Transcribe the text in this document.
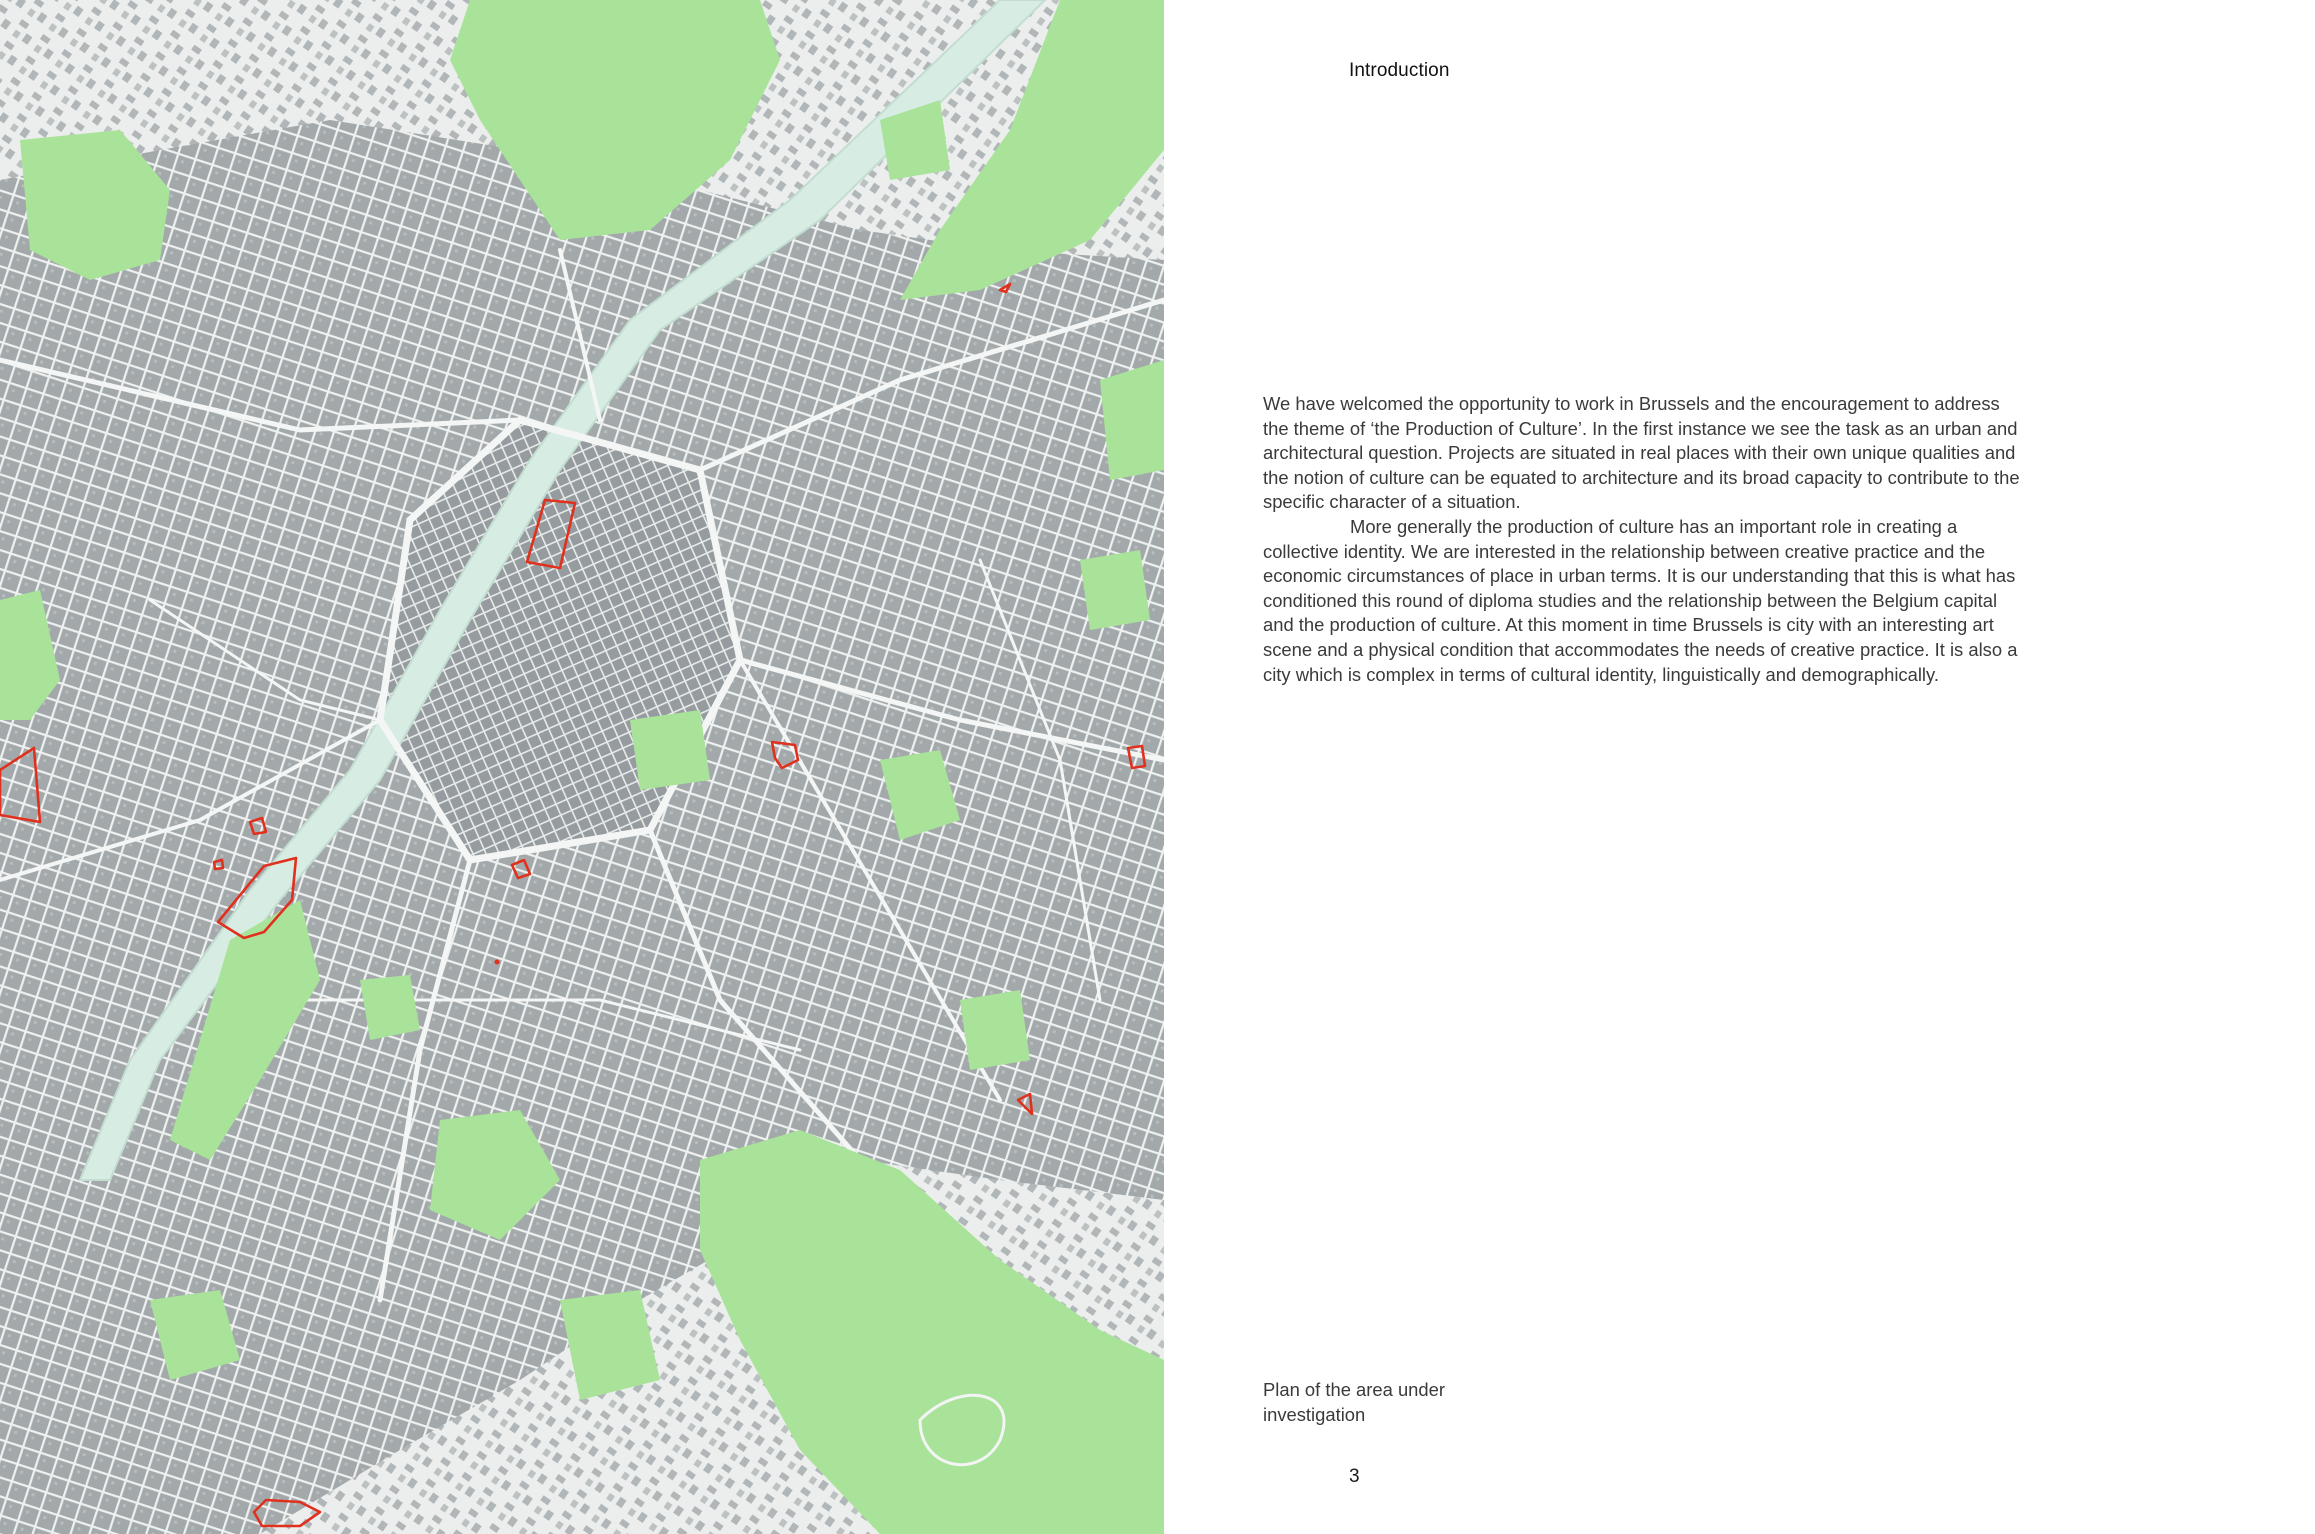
Introduction

We have welcomed the opportunity to work in Brussels and the encouragement to address the theme of ‘the Production of Culture’. In the first instance we see the task as an urban and architectural question. Projects are situated in real places with their own unique qualities and the notion of culture can be equated to architecture and its broad capacity to contribute to the specific character of a situation.

More generally the production of culture has an important role in creating a collective identity. We are interested in the relationship between creative practice and the economic circumstances of place in urban terms. It is our understanding that this is what has conditioned this round of diploma studies and the relationship between the Belgium capital and the production of culture. At this moment in time Brussels is city with an interesting art scene and a physical condition that accommodates the needs of creative practice. It is also a city which is complex in terms of cultural identity, linguistically and demographically.

Plan of the area under investigation
3
